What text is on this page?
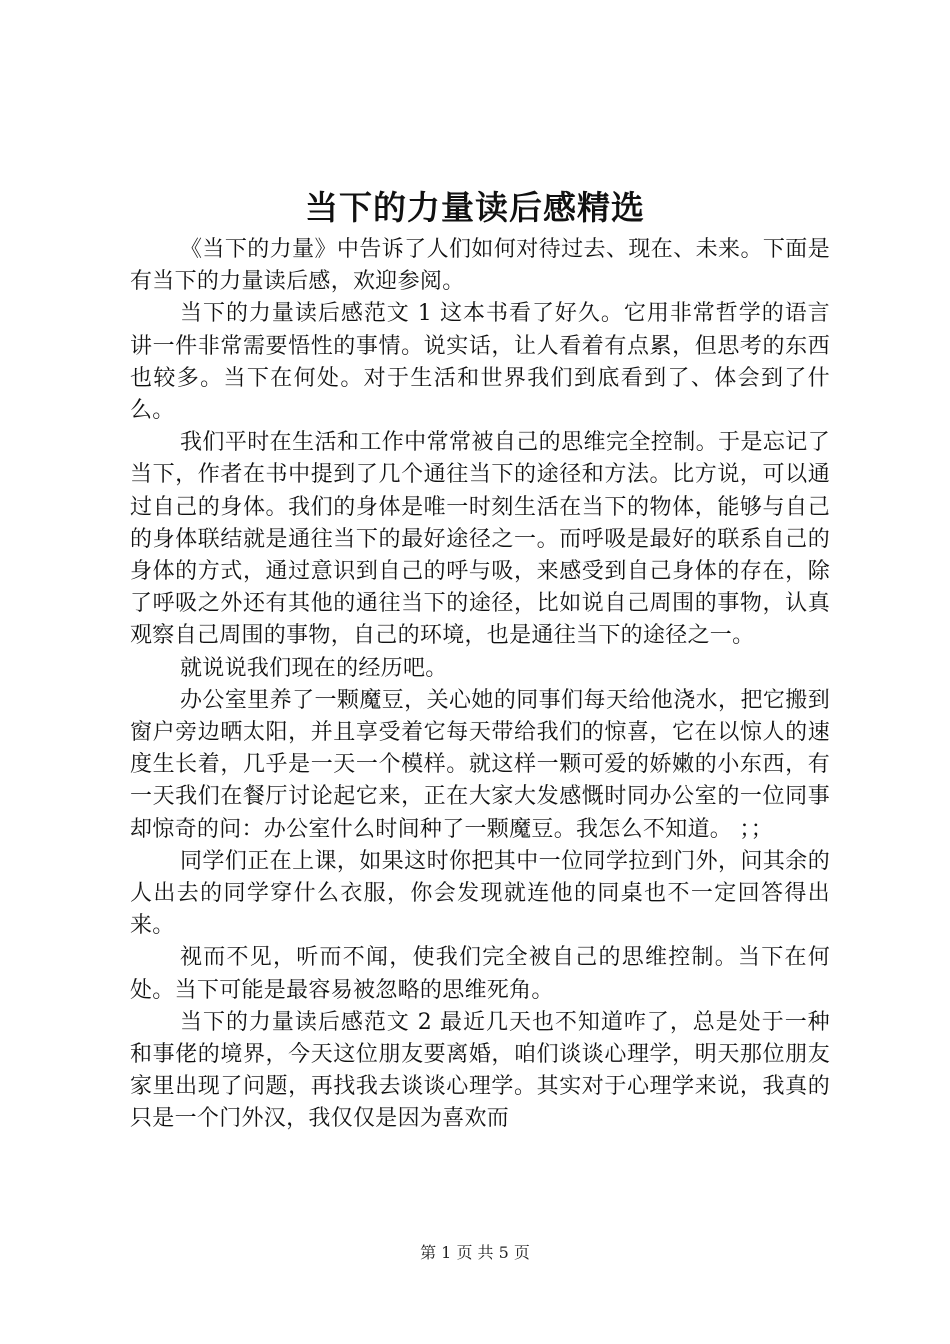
当下的力量读后感精选

《当下的力量》中告诉了人们如何对待过去、现在、未来。下面是有当下的力量读后感，欢迎参阅。

当下的力量读后感范文 1 这本书看了好久。它用非常哲学的语言讲一件非常需要悟性的事情。说实话，让人看着有点累，但思考的东西也较多。当下在何处。对于生活和世界我们到底看到了、体会到了什么。

我们平时在生活和工作中常常被自己的思维完全控制。于是忘记了当下，作者在书中提到了几个通往当下的途径和方法。比方说，可以通过自己的身体。我们的身体是唯一时刻生活在当下的物体，能够与自己的身体联结就是通往当下的最好途径之一。而呼吸是最好的联系自己的身体的方式，通过意识到自己的呼与吸，来感受到自己身体的存在，除了呼吸之外还有其他的通往当下的途径，比如说自己周围的事物，认真观察自己周围的事物，自己的环境，也是通往当下的途径之一。

就说说我们现在的经历吧。

办公室里养了一颗魔豆，关心她的同事们每天给他浇水，把它搬到窗户旁边晒太阳，并且享受着它每天带给我们的惊喜，它在以惊人的速度生长着，几乎是一天一个模样。就这样一颗可爱的娇嫩的小东西，有一天我们在餐厅讨论起它来，正在大家大发感慨时同办公室的一位同事却惊奇的问：办公室什么时间种了一颗魔豆。我怎么不知道。 ；；

同学们正在上课，如果这时你把其中一位同学拉到门外，问其余的人出去的同学穿什么衣服，你会发现就连他的同桌也不一定回答得出来。

视而不见，听而不闻，使我们完全被自己的思维控制。当下在何处。当下可能是最容易被忽略的思维死角。

当下的力量读后感范文 2 最近几天也不知道咋了，总是处于一种和事佬的境界，今天这位朋友要离婚，咱们谈谈心理学，明天那位朋友家里出现了问题，再找我去谈谈心理学。其实对于心理学来说，我真的只是一个门外汉，我仅仅是因为喜欢而

第 1 页 共 5 页
